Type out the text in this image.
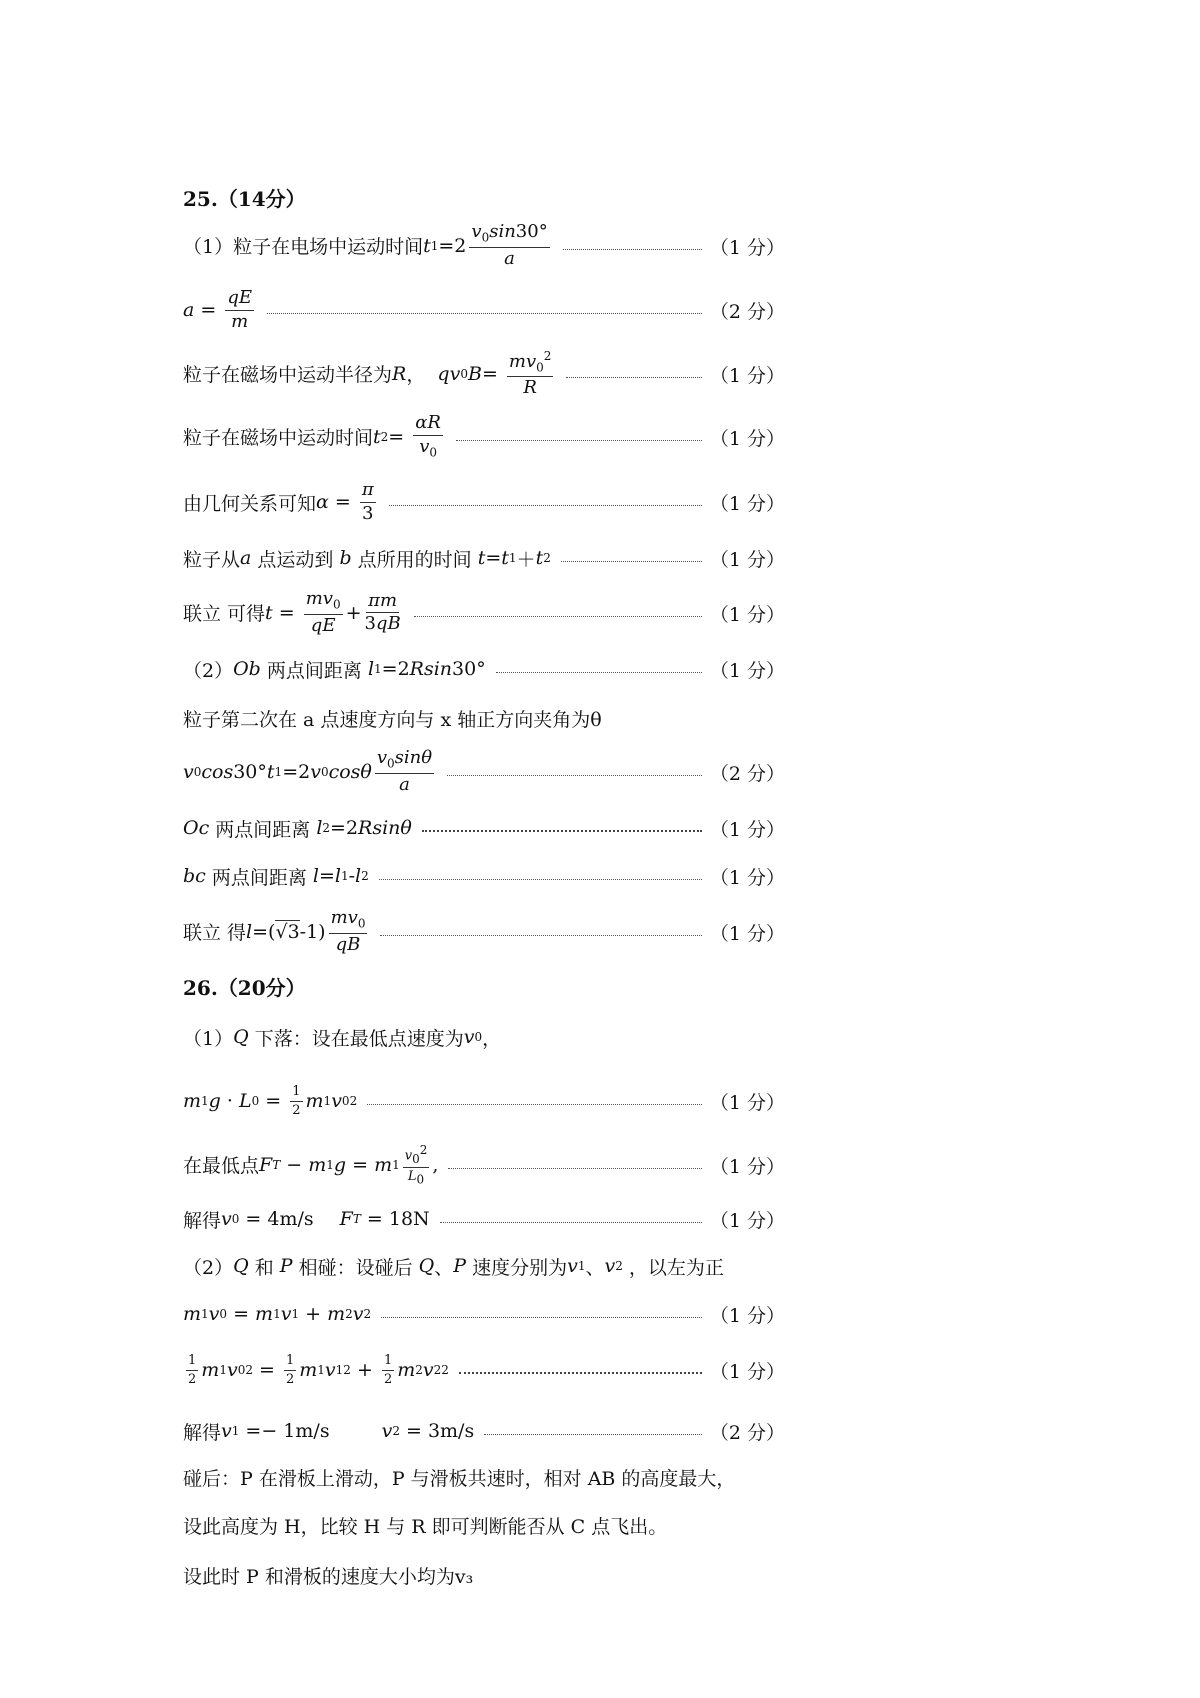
25.（14分）
（1）粒子在电场中运动时间 t $1 =2 \frac{v_0\sin 30^\circ}{a}$	（1 分）
$a = \frac{qE}{m}$	（2 分）
粒子在磁场中运动半径为 R ， qv 0 $B = \frac{mv_0^2}{R}$	（1 分）
粒子在磁场中运动时间 t $2 = \frac{\alpha R}{v_0}$	（1 分）
由几何关系可知 $\alpha = \frac{\pi}{3}$	（1 分）
粒子从 a 点运动到 b 点所用的时间 t = t 1 ＋ t 2	（1 分）
联立 可得 $t = \frac{mv_0}{qE} + \frac{\pi m}{3qB}$	（1 分）
（2） Ob 两点间距离 l 1 =2 Rsin 30°	（1 分）
粒子第二次在 a 点速度方向与 x 轴正方向夹角为θ
v 0 cos 30° t 1 =2 v 0 cosθ $\frac{v_0\sin\theta}{a}$	（2 分）
Oc 两点间距离 l 2 =2 Rsinθ	（1 分）
bc 两点间距离 l = l 1 - l 2	（1 分）
联立 得 l =( √3 $-1) \frac{mv_0}{qB}$	（1 分）
26.（20分）
（1） Q 下落：设在最低点速度为 v 0 ，
m 1 g · L $0 = \frac{1}{2}$ m 1 v 0 2	（1 分）
在最低点 F T − m 1 g = m $1 \frac{v_0^2}{L_0}$ ,	（1 分）
解得 v 0 = 4m/s F T = 18N	（1 分）
（2） Q 和 P 相碰：设碰后 Q 、 P 速度分别为 v 1 、 v 2 ，以左为正
m 1 v 0 = m 1 v 1 + m 2 v 2	（1 分）
$\frac{1}{2}$ m 1 v 0 $2 = \frac{1}{2}$ m 1 v 1 $2 + \frac{1}{2}$ m 2 v 2 2	（1 分）
解得 v 1 =− 1m/s	v 2 = 3m/s	（2 分）
碰后：P 在滑板上滑动，P 与滑板共速时，相对 AB 的高度最大，
设此高度为 H，比较 H 与 R 即可判断能否从 C 点飞出。
设此时 P 和滑板的速度大小均为v₃
